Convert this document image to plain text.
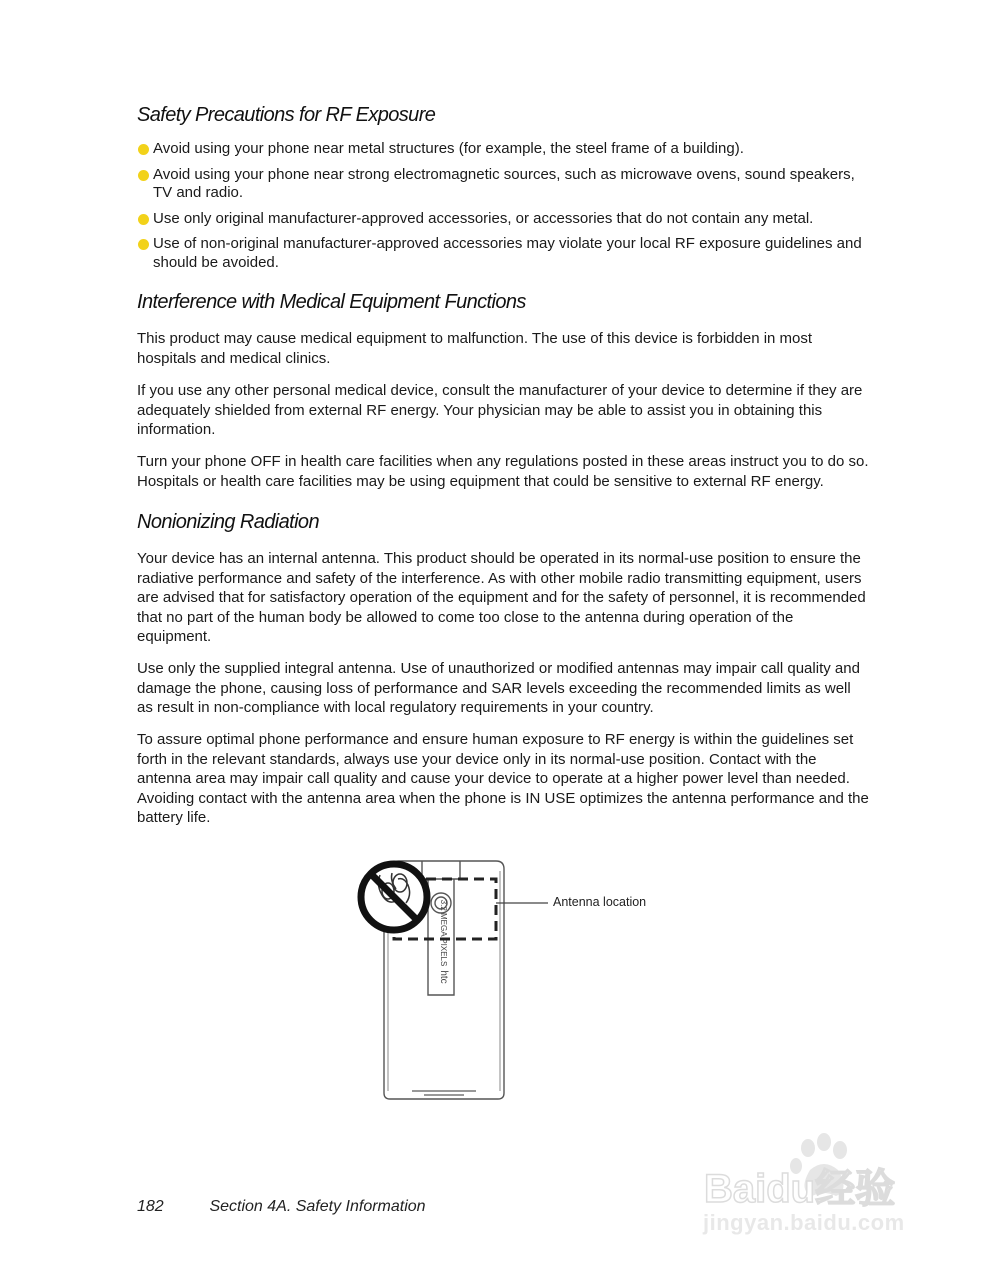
Safety Precautions for RF Exposure
Avoid using your phone near metal structures (for example, the steel frame of a building).
Avoid using your phone near strong electromagnetic sources, such as microwave ovens, sound speakers, TV and radio.
Use only original manufacturer-approved accessories, or accessories that do not contain any metal.
Use of non-original manufacturer-approved accessories may violate your local RF exposure guidelines and should be avoided.
Interference with Medical Equipment Functions

This product may cause medical equipment to malfunction. The use of this device is forbidden in most hospitals and medical clinics.

If you use any other personal medical device, consult the manufacturer of your device to determine if they are adequately shielded from external RF energy. Your physician may be able to assist you in obtaining this information.

Turn your phone OFF in health care facilities when any regulations posted in these areas instruct you to do so. Hospitals or health care facilities may be using equipment that could be sensitive to external RF energy.

Nonionizing Radiation

Your device has an internal antenna. This product should be operated in its normal-use position to ensure the radiative performance and safety of the interference. As with other mobile radio transmitting equipment, users are advised that for satisfactory operation of the equipment and for the safety of personnel, it is recommended that no part of the human body be allowed to come too close to the antenna during operation of the equipment.

Use only the supplied integral antenna. Use of unauthorized or modified antennas may impair call quality and damage the phone, causing loss of performance and SAR levels exceeding the recommended limits as well as result in non-compliance with local regulatory requirements in your country.

To assure optimal phone performance and ensure human exposure to RF energy is within the guidelines set forth in the relevant standards, always use your device only in its normal-use position. Contact with the antenna area may impair call quality and cause your device to operate at a higher power level than needed. Avoiding contact with the antenna area when the phone is IN USE optimizes the antenna performance and the battery life.

3.2 MEGA PIXELS
htc
Antenna location
182	Section 4A. Safety Information	Baidu经验
jingyan.baidu.com
